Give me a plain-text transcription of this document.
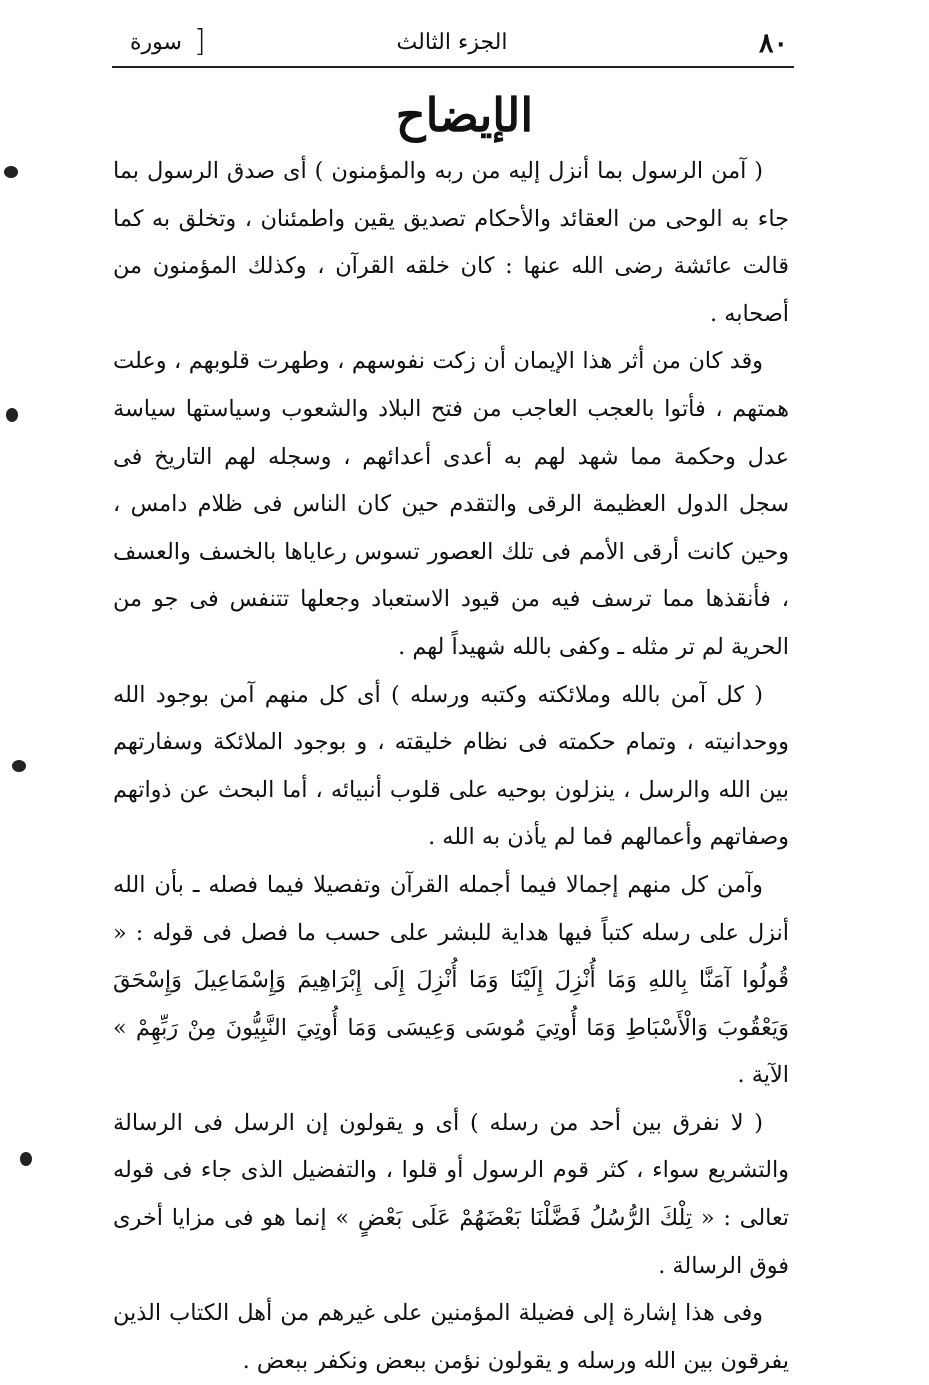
٨٠
الجزء الثالث
[
سورة
الإيضاح

( آمن الرسول بما أنزل إليه من ربه والمؤمنون ) أى صدق الرسول بما جاء به الوحى من العقائد والأحكام تصديق يقين واطمئنان ، وتخلق به كما قالت عائشة رضى الله عنها : كان خلقه القرآن ، وكذلك المؤمنون من أصحابه .

وقد كان من أثر هذا الإيمان أن زكت نفوسهم ، وطهرت قلوبهم ، وعلت همتهم ، فأتوا بالعجب العاجب من فتح البلاد والشعوب وسياستها سياسة عدل وحكمة مما شهد لهم به أعدى أعدائهم ، وسجله لهم التاريخ فى سجل الدول العظيمة الرقى والتقدم حين كان الناس فى ظلام دامس ، وحين كانت أرقى الأمم فى تلك العصور تسوس رعاياها بالخسف والعسف ، فأنقذها مما ترسف فيه من قيود الاستعباد وجعلها تتنفس فى جو من الحرية لم تر مثله ـ وكفى بالله شهيداً لهم .

( كل آمن بالله وملائكته وكتبه ورسله ) أى كل منهم آمن بوجود الله ووحدانيته ، وتمام حكمته فى نظام خليقته ، و بوجود الملائكة وسفارتهم بين الله والرسل ، ينزلون بوحيه على قلوب أنبيائه ، أما البحث عن ذواتهم وصفاتهم وأعمالهم فما لم يأذن به الله .

وآمن كل منهم إجمالا فيما أجمله القرآن وتفصيلا فيما فصله ـ بأن الله أنزل على رسله كتباً فيها هداية للبشر على حسب ما فصل فى قوله : « قُولُوا آمَنَّا بِاللهِ وَمَا أُنْزِلَ إِلَيْنَا وَمَا أُنْزِلَ إِلَى إِبْرَاهِيمَ وَإِسْمَاعِيلَ وَإِسْحَقَ وَيَعْقُوبَ وَالْأَسْبَاطِ وَمَا أُوتِيَ مُوسَى وَعِيسَى وَمَا أُوتِيَ النَّبِيُّونَ مِنْ رَبِّهِمْ » الآية .

( لا نفرق بين أحد من رسله ) أى و يقولون إن الرسل فى الرسالة والتشريع سواء ، كثر قوم الرسول أو قلوا ، والتفضيل الذى جاء فى قوله تعالى : « تِلْكَ الرُّسُلُ فَضَّلْنَا بَعْضَهُمْ عَلَى بَعْضٍ » إنما هو فى مزايا أخرى فوق الرسالة .

وفى هذا إشارة إلى فضيلة المؤمنين على غيرهم من أهل الكتاب الذين يفرقون بين الله ورسله و يقولون نؤمن ببعض ونكفر ببعض .
